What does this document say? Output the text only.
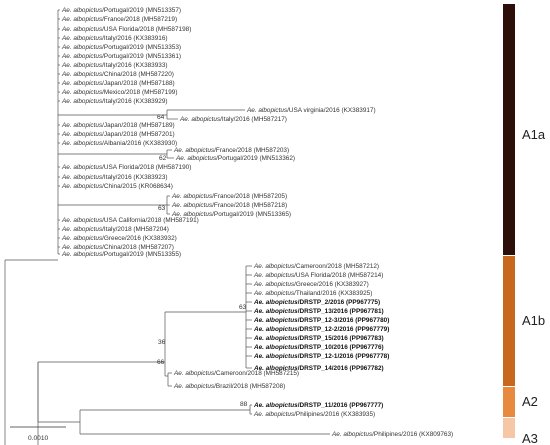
Ae. albopictus/Portugal/2019 (MN513357)
Ae. albopictus/France/2018 (MH587219)
Ae. albopictus/USA Florida/2018 (MH587198)
Ae. albopictus/Italy/2016 (KX383916)
Ae. albopictus/Portugal/2019 (MN513353)
Ae. albopictus/Portugal/2019 (MN513361)
Ae. albopictus/Italy/2016 (KX383933)
Ae. albopictus/China/2018 (MH587220)
Ae. albopictus/Japan/2018 (MH587188)
Ae. albopictus/Mexico/2018 (MH587199)
Ae. albopictus/Italy/2016 (KX383929)
Ae. albopictus/USA virginia/2016 (KX383917)
Ae. albopictus/Italy/2016 (MH587217)
Ae. albopictus/Japan/2018 (MH587189)
Ae. albopictus/Japan/2018 (MH587201)
Ae. albopictus/Albania/2016 (KX383930)
Ae. albopictus/France/2018 (MH587203)
Ae. albopictus/Portugal/2019 (MN513362)
Ae. albopictus/USA Florida/2018 (MH587190)
Ae. albopictus/Italy/2016 (KX383923)
Ae. albopictus/China/2015 (KR068634)
Ae. albopictus/France/2018 (MH587205)
Ae. albopictus/France/2018 (MH587218)
Ae. albopictus/Portugal/2019 (MN513365)
Ae. albopictus/USA California/2018 (MH587191)
Ae. albopictus/Italy/2018 (MH587204)
Ae. albopictus/Greece/2016 (KX383932)
Ae. albopictus/China/2018 (MH587207)
Ae. albopictus/Portugal/2019 (MN513355)
Ae. albopictus/Cameroon/2018 (MH587212)
Ae. albopictus/USA Florida/2018 (MH587214)
Ae. albopictus/Greece/2016 (KX383927)
Ae. albopictus/Thailand/2016 (KX383925)
Ae. albopictus/DRSTP_2/2016 (PP967775)
Ae. albopictus/DRSTP_13/2016 (PP967781)
Ae. albopictus/DRSTP_12-3/2016 (PP967780)
Ae. albopictus/DRSTP_12-2/2016 (PP967779)
Ae. albopictus/DRSTP_15/2016 (PP967783)
Ae. albopictus/DRSTP_10/2016 (PP967776)
Ae. albopictus/DRSTP_12-1/2016 (PP967778)
Ae. albopictus/DRSTP_14/2016 (PP967782)
Ae. albopictus/Cameroon/2018 (MH587215)
Ae. albopictus/Brazil/2018 (MH587208)
Ae. albopictus/DRSTP_11/2016 (PP967777)
Ae. albopictus/Philipines/2016 (KX383935)
Ae. albopictus/Philipines/2016 (KX809763)
64
62
63
63
36
66
88
A1a
A1b
A2
A3
0.0010
